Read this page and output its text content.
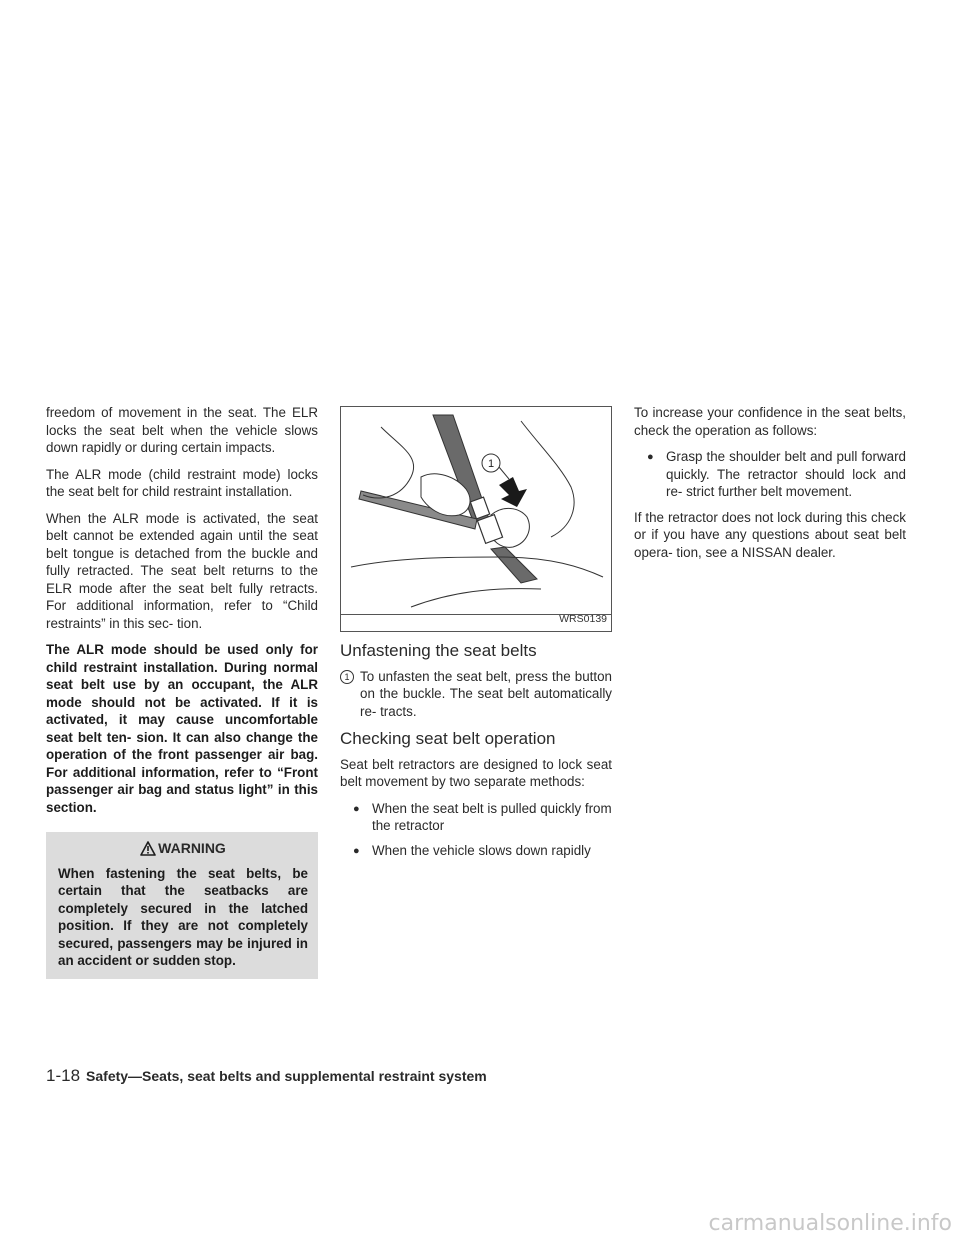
freedom of movement in the seat. The ELR locks the seat belt when the vehicle slows down rapidly or during certain impacts.

The ALR mode (child restraint mode) locks the seat belt for child restraint installation.

When the ALR mode is activated, the seat belt cannot be extended again until the seat belt tongue is detached from the buckle and fully retracted. The seat belt returns to the ELR mode after the seat belt fully retracts. For additional information, refer to “Child restraints” in this sec- tion.

The ALR mode should be used only for child restraint installation. During normal seat belt use by an occupant, the ALR mode should not be activated. If it is activated, it may cause uncomfortable seat belt ten- sion. It can also change the operation of the front passenger air bag. For additional information, refer to “Front passenger air bag and status light” in this section.

WARNING
When fastening the seat belts, be certain that the seatbacks are completely secured in the latched position. If they are not completely secured, passengers may be injured in an accident or sudden stop.
1
WRS0139
Unfastening the seat belts
1 To unfasten the seat belt, press the button on the buckle. The seat belt automatically re- tracts.
Checking seat belt operation

Seat belt retractors are designed to lock seat belt movement by two separate methods:

● When the seat belt is pulled quickly from the retractor
● When the vehicle slows down rapidly

To increase your confidence in the seat belts, check the operation as follows:

● Grasp the shoulder belt and pull forward quickly. The retractor should lock and re- strict further belt movement.

If the retractor does not lock during this check or if you have any questions about seat belt opera- tion, see a NISSAN dealer.

1-18 Safety—Seats, seat belts and supplemental restraint system
carmanualsonline.info
